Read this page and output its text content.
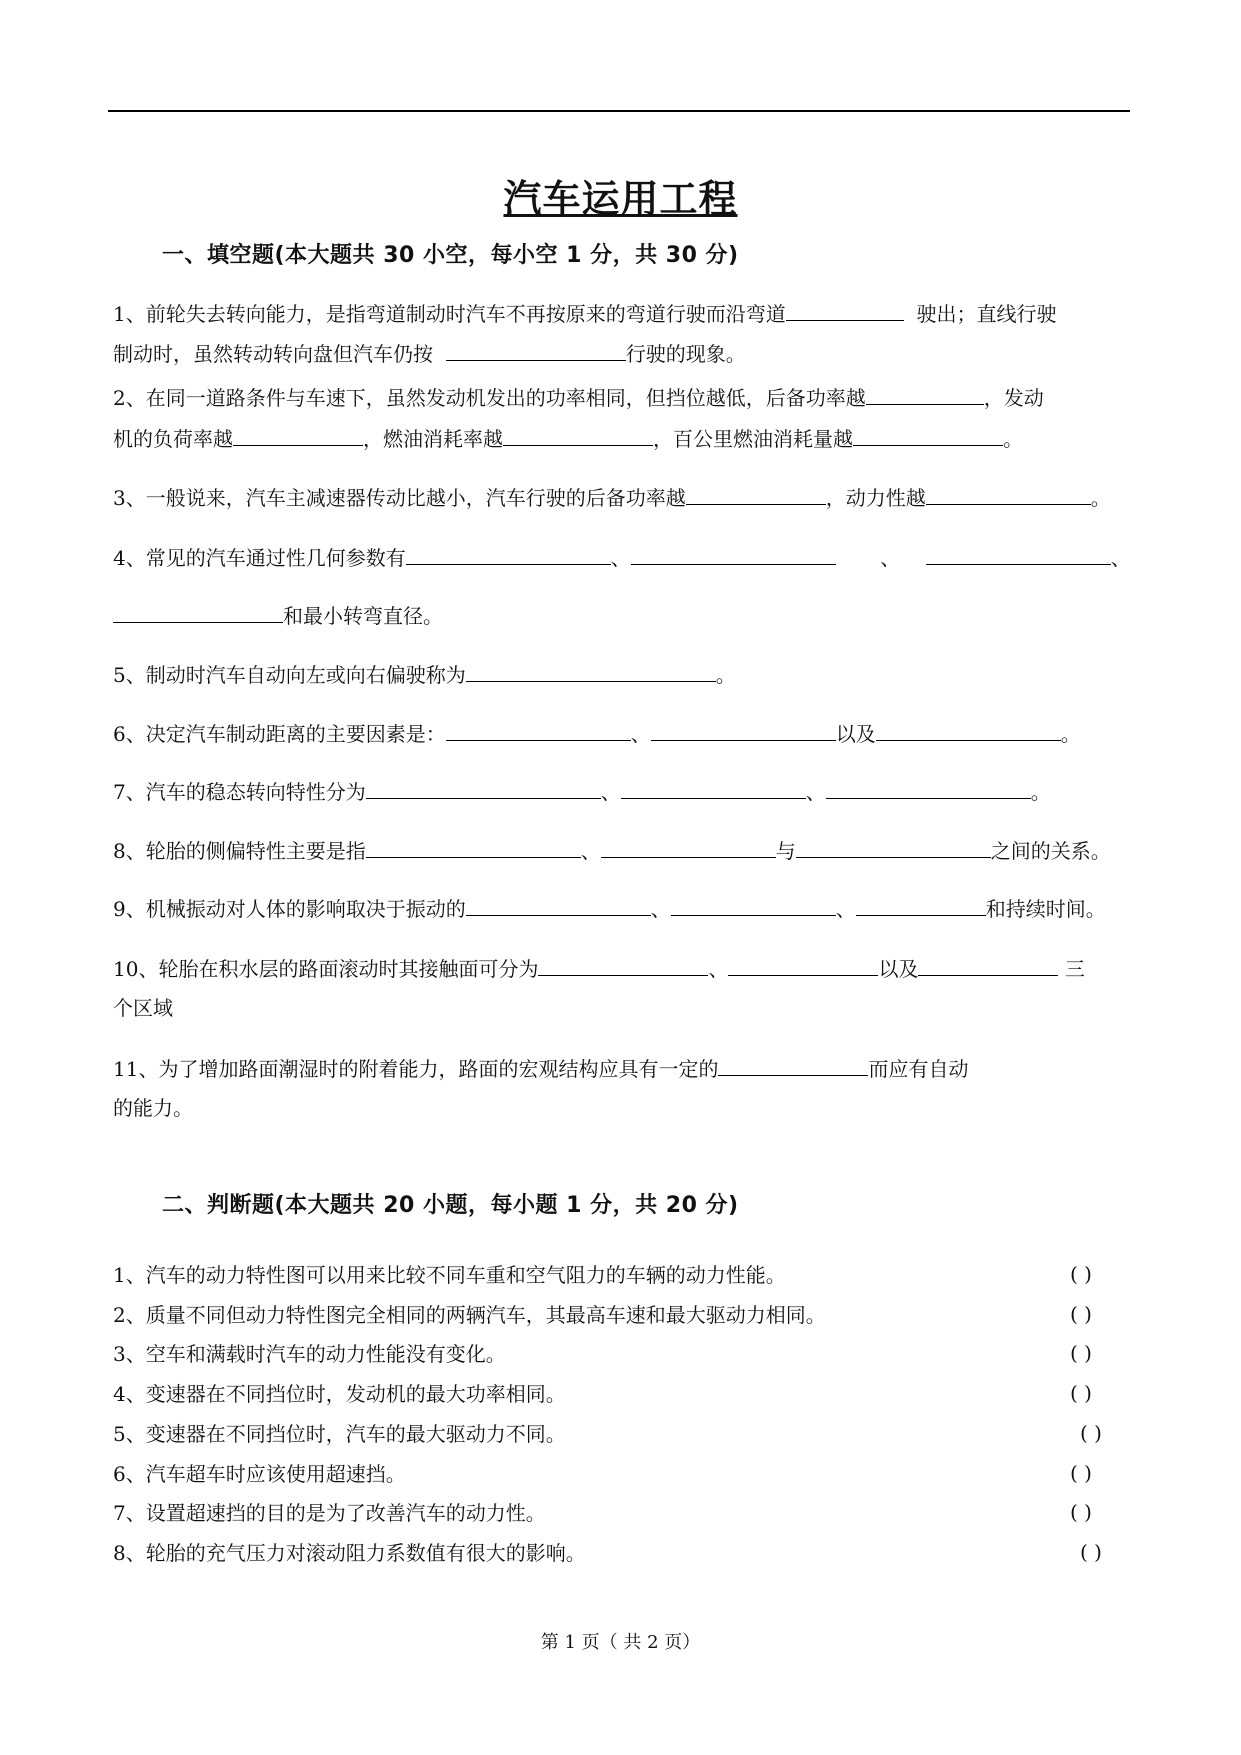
汽车运用工程
一、填空题(本大题共 30 小空，每小空 1 分，共 30 分)
1、前轮失去转向能力，是指弯道制动时汽车不再按原来的弯道行驶而沿弯道	驶出；直线行驶
制动时，虽然转动转向盘但汽车仍按	行驶的现象。
2、在同一道路条件与车速下，虽然发动机发出的功率相同，但挡位越低，后备功率越	，发动
机的负荷率越	，燃油消耗率越	，百公里燃油消耗量越	。
3、一般说来，汽车主减速器传动比越小，汽车行驶的后备功率越	，动力性越	。
4、常见的汽车通过性几何参数有	、	、	、
和最小转弯直径。
5、制动时汽车自动向左或向右偏驶称为	。
6、决定汽车制动距离的主要因素是：	、	以及	。
7、汽车的稳态转向特性分为	、	、	。
8、轮胎的侧偏特性主要是指	、	与	之间的关系。
9、机械振动对人体的影响取决于振动的	、	、	和持续时间。
10、轮胎在积水层的路面滚动时其接触面可分为	、	以及	三
个区域
11、为了增加路面潮湿时的附着能力，路面的宏观结构应具有一定的	而应有自动
的能力。
二、判断题(本大题共 20 小题，每小题 1 分，共 20 分)
1、汽车的动力特性图可以用来比较不同车重和空气阻力的车辆的动力性能。	( )
2、质量不同但动力特性图完全相同的两辆汽车，其最高车速和最大驱动力相同。	( )
3、空车和满载时汽车的动力性能没有变化。	( )
4、变速器在不同挡位时，发动机的最大功率相同。	( )
5、变速器在不同挡位时，汽车的最大驱动力不同。	( )
6、汽车超车时应该使用超速挡。	( )
7、设置超速挡的目的是为了改善汽车的动力性。	( )
8、轮胎的充气压力对滚动阻力系数值有很大的影响。	( )
第 1 页（ 共 2 页）
